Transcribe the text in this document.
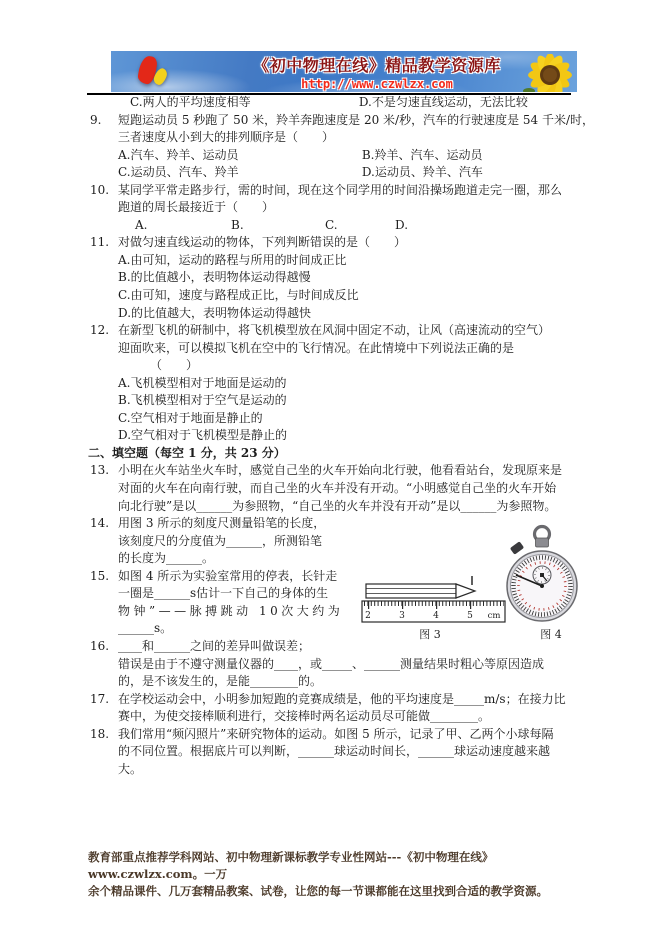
《初中物理在线》精品教学资源库
http://www.czwlzx.com
C.两人的平均速度相等	D.不是匀速直线运动，无法比较
9. 短跑运动员 5 秒跑了 50 米，羚羊奔跑速度是 20 米/秒，汽车的行驶速度是 54 千米/时，
三者速度从小到大的排列顺序是（　　）
A.汽车、羚羊、运动员	B.羚羊、汽车、运动员
C.运动员、汽车、羚羊	D.运动员、羚羊、汽车
10. 某同学平常走路步行，需的时间，现在这个同学用的时间沿操场跑道走完一圈，那么
跑道的周长最接近于（　　）
A.	B.	C.	D.
11. 对做匀速直线运动的物体，下列判断错误的是（　　）
A.由可知，运动的路程与所用的时间成正比
B.的比值越小，表明物体运动得越慢
C.由可知，速度与路程成正比，与时间成反比
D.的比值越大，表明物体运动得越快
12. 在新型飞机的研制中，将飞机模型放在风洞中固定不动，让风（高速流动的空气）
迎面吹来，可以模拟飞机在空中的飞行情况。在此情境中下列说法正确的是
（　　）
A.飞机模型相对于地面是运动的
B.飞机模型相对于空气是运动的
C.空气相对于地面是静止的
D.空气相对于飞机模型是静止的
二、填空题（每空 1 分，共 23 分）
13. 小明在火车站坐火车时，感觉自己坐的火车开始向北行驶，他看看站台，发现原来是
对面的火车在向南行驶，而自己坐的火车并没有开动。“小明感觉自己坐的火车开始
向北行驶”是以______为参照物，“自己坐的火车并没有开动”是以______为参照物。
14. 用图 3 所示的刻度尺测量铅笔的长度，
该刻度尺的分度值为______，所测铅笔
的长度为______。
15. 如图 4 所示为实验室常用的停表，长针走
一圈是______s估计一下自己的身体的生
物钟”——脉搏跳动 10次大约为
______s。
16. ____和______之间的差异叫做误差；
错误是由于不遵守测量仪器的____，或_____、______测量结果时粗心等原因造成
的，是不该发生的，是能________的。
17. 在学校运动会中，小明参加短跑的竞赛成绩是，他的平均速度是_____m/s；在接力比
赛中，为使交接棒顺利进行，交接棒时两名运动员尽可能做________。
18. 我们常用“频闪照片”来研究物体的运动。如图 5 所示，记录了甲、乙两个小球每隔
的不同位置。根据底片可以判断，______球运动时间长，______球运动速度越来越
大。
2	3	4	5 cm
图 3	图 4
教育部重点推荐学科网站、初中物理新课标教学专业性网站---《初中物理在线》www.czwlzx.com。一万
余个精品课件、几万套精品教案、试卷，让您的每一节课都能在这里找到合适的教学资源。
